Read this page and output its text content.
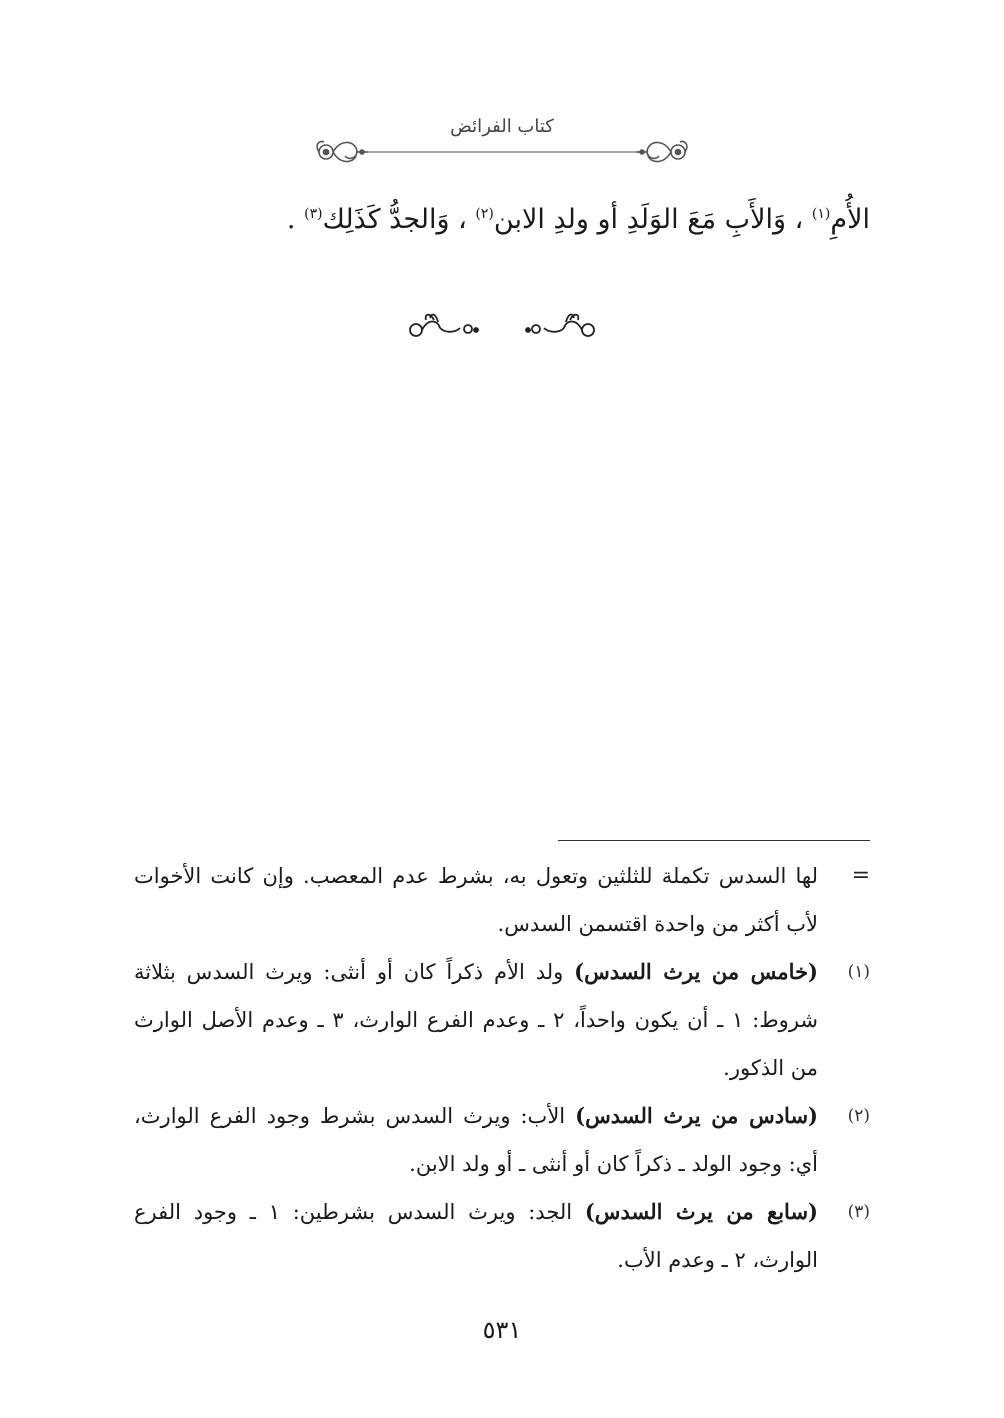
كتاب الفرائض
الأُمِ$^{(١)}$ ، وَالأَبِ مَعَ الوَلَدِ أو ولدِ الابن$^{(٢)}$ ، وَالجدُّ كَذَلِك$^{(٣)}$ .
=
لها السدس تكملة للثلثين وتعول به، بشرط عدم المعصب. وإن كانت الأخوات لأب أكثر من واحدة اقتسمن السدس.
(١)
(خامس من يرث السدس) ولد الأم ذكراً كان أو أنثى: ويرث السدس بثلاثة شروط: ١ ـ أن يكون واحداً، ٢ ـ وعدم الفرع الوارث، ٣ ـ وعدم الأصل الوارث من الذكور.
(٢)
(سادس من يرث السدس) الأب: ويرث السدس بشرط وجود الفرع الوارث، أي: وجود الولد ـ ذكراً كان أو أنثى ـ أو ولد الابن.
(٣)
(سابع من يرث السدس) الجد: ويرث السدس بشرطين: ١ ـ وجود الفرع الوارث، ٢ ـ وعدم الأب.
٥٣١
